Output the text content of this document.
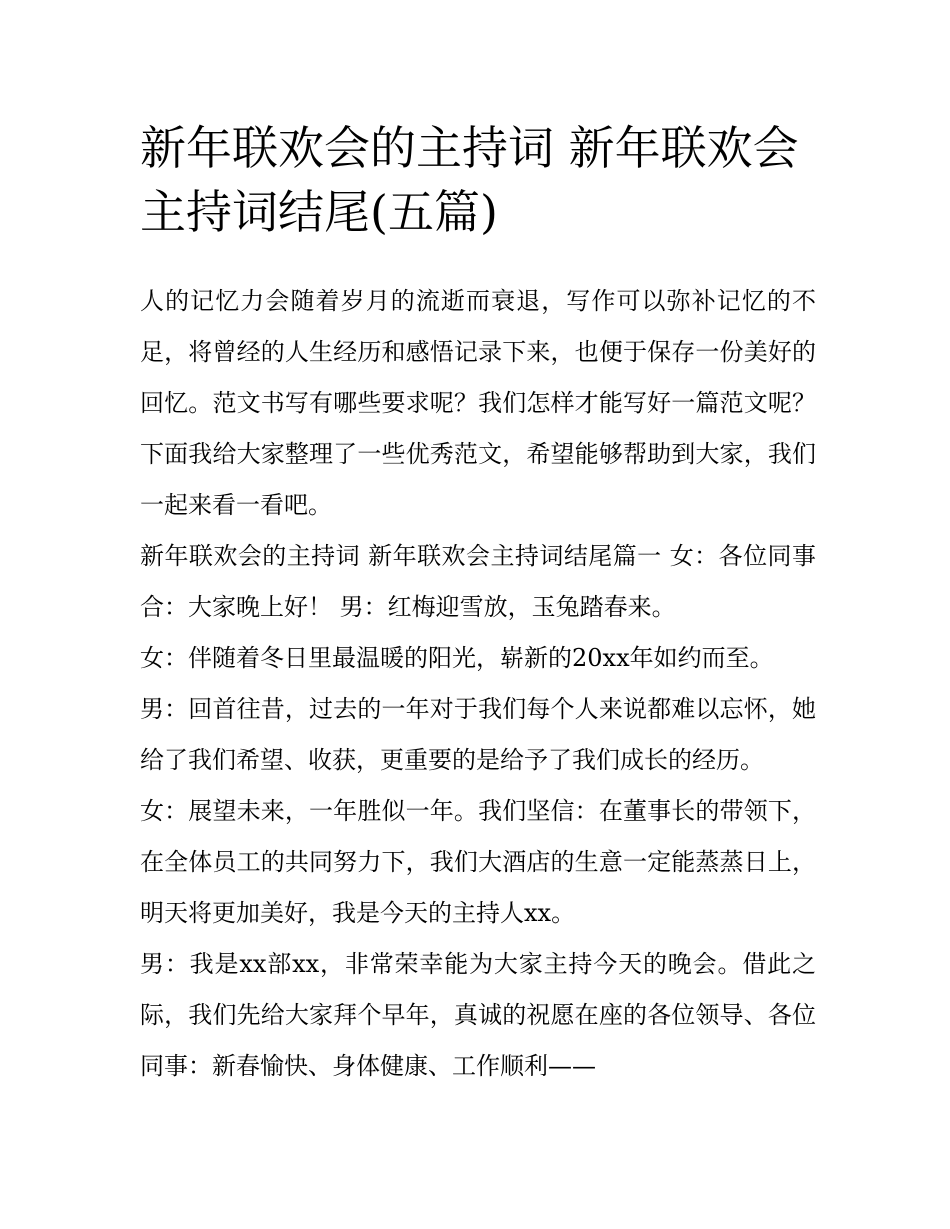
新年联欢会的主持词 新年联欢会主持词结尾(五篇)

人的记忆力会随着岁月的流逝而衰退，写作可以弥补记忆的不足，将曾经的人生经历和感悟记录下来，也便于保存一份美好的回忆。范文书写有哪些要求呢？我们怎样才能写好一篇范文呢？下面我给大家整理了一些优秀范文，希望能够帮助到大家，我们一起来看一看吧。

新年联欢会的主持词 新年联欢会主持词结尾篇一 女：各位同事 合：大家晚上好！ 男：红梅迎雪放，玉兔踏春来。

女：伴随着冬日里最温暖的阳光，崭新的20xx年如约而至。

男：回首往昔，过去的一年对于我们每个人来说都难以忘怀，她给了我们希望、收获，更重要的是给予了我们成长的经历。

女：展望未来，一年胜似一年。我们坚信：在董事长的带领下，在全体员工的共同努力下，我们大酒店的生意一定能蒸蒸日上，明天将更加美好，我是今天的主持人xx。

男：我是xx部xx，非常荣幸能为大家主持今天的晚会。借此之际，我们先给大家拜个早年，真诚的祝愿在座的各位领导、各位同事：新春愉快、身体健康、工作顺利——
